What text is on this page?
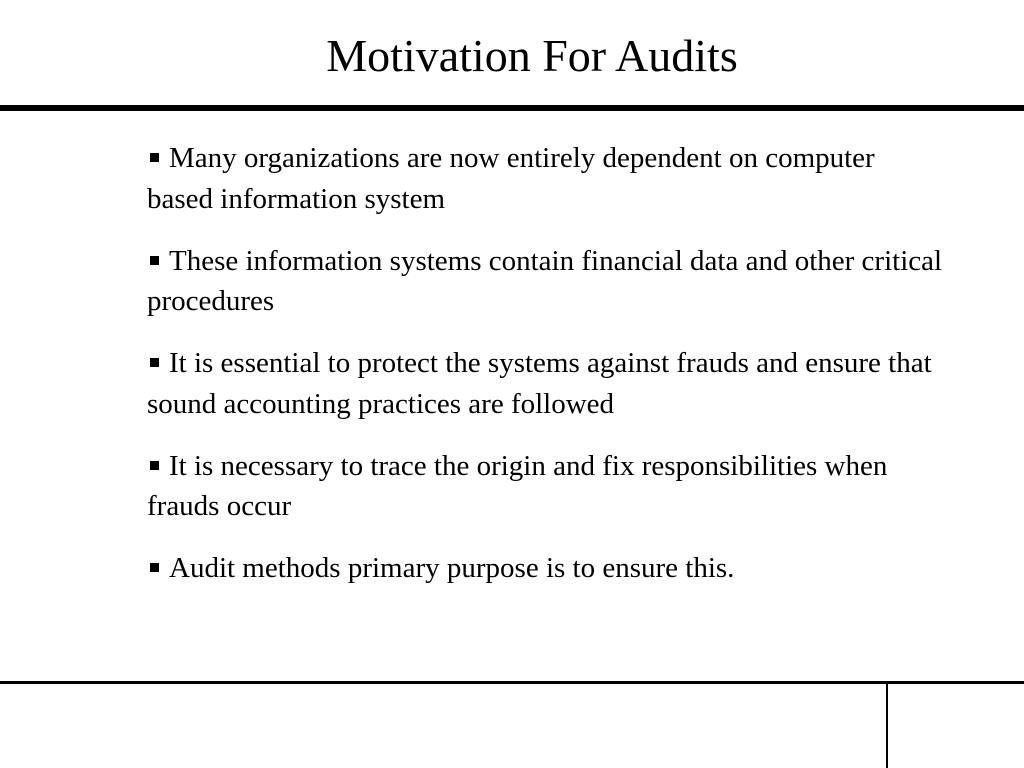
Motivation For Audits
Many organizations are now entirely dependent on computer based information system
These information systems contain financial data and other critical procedures
It is essential to protect the systems against frauds and ensure that sound accounting practices are followed
It is necessary to trace the origin and fix responsibilities when frauds occur
Audit methods primary purpose is to ensure this.
